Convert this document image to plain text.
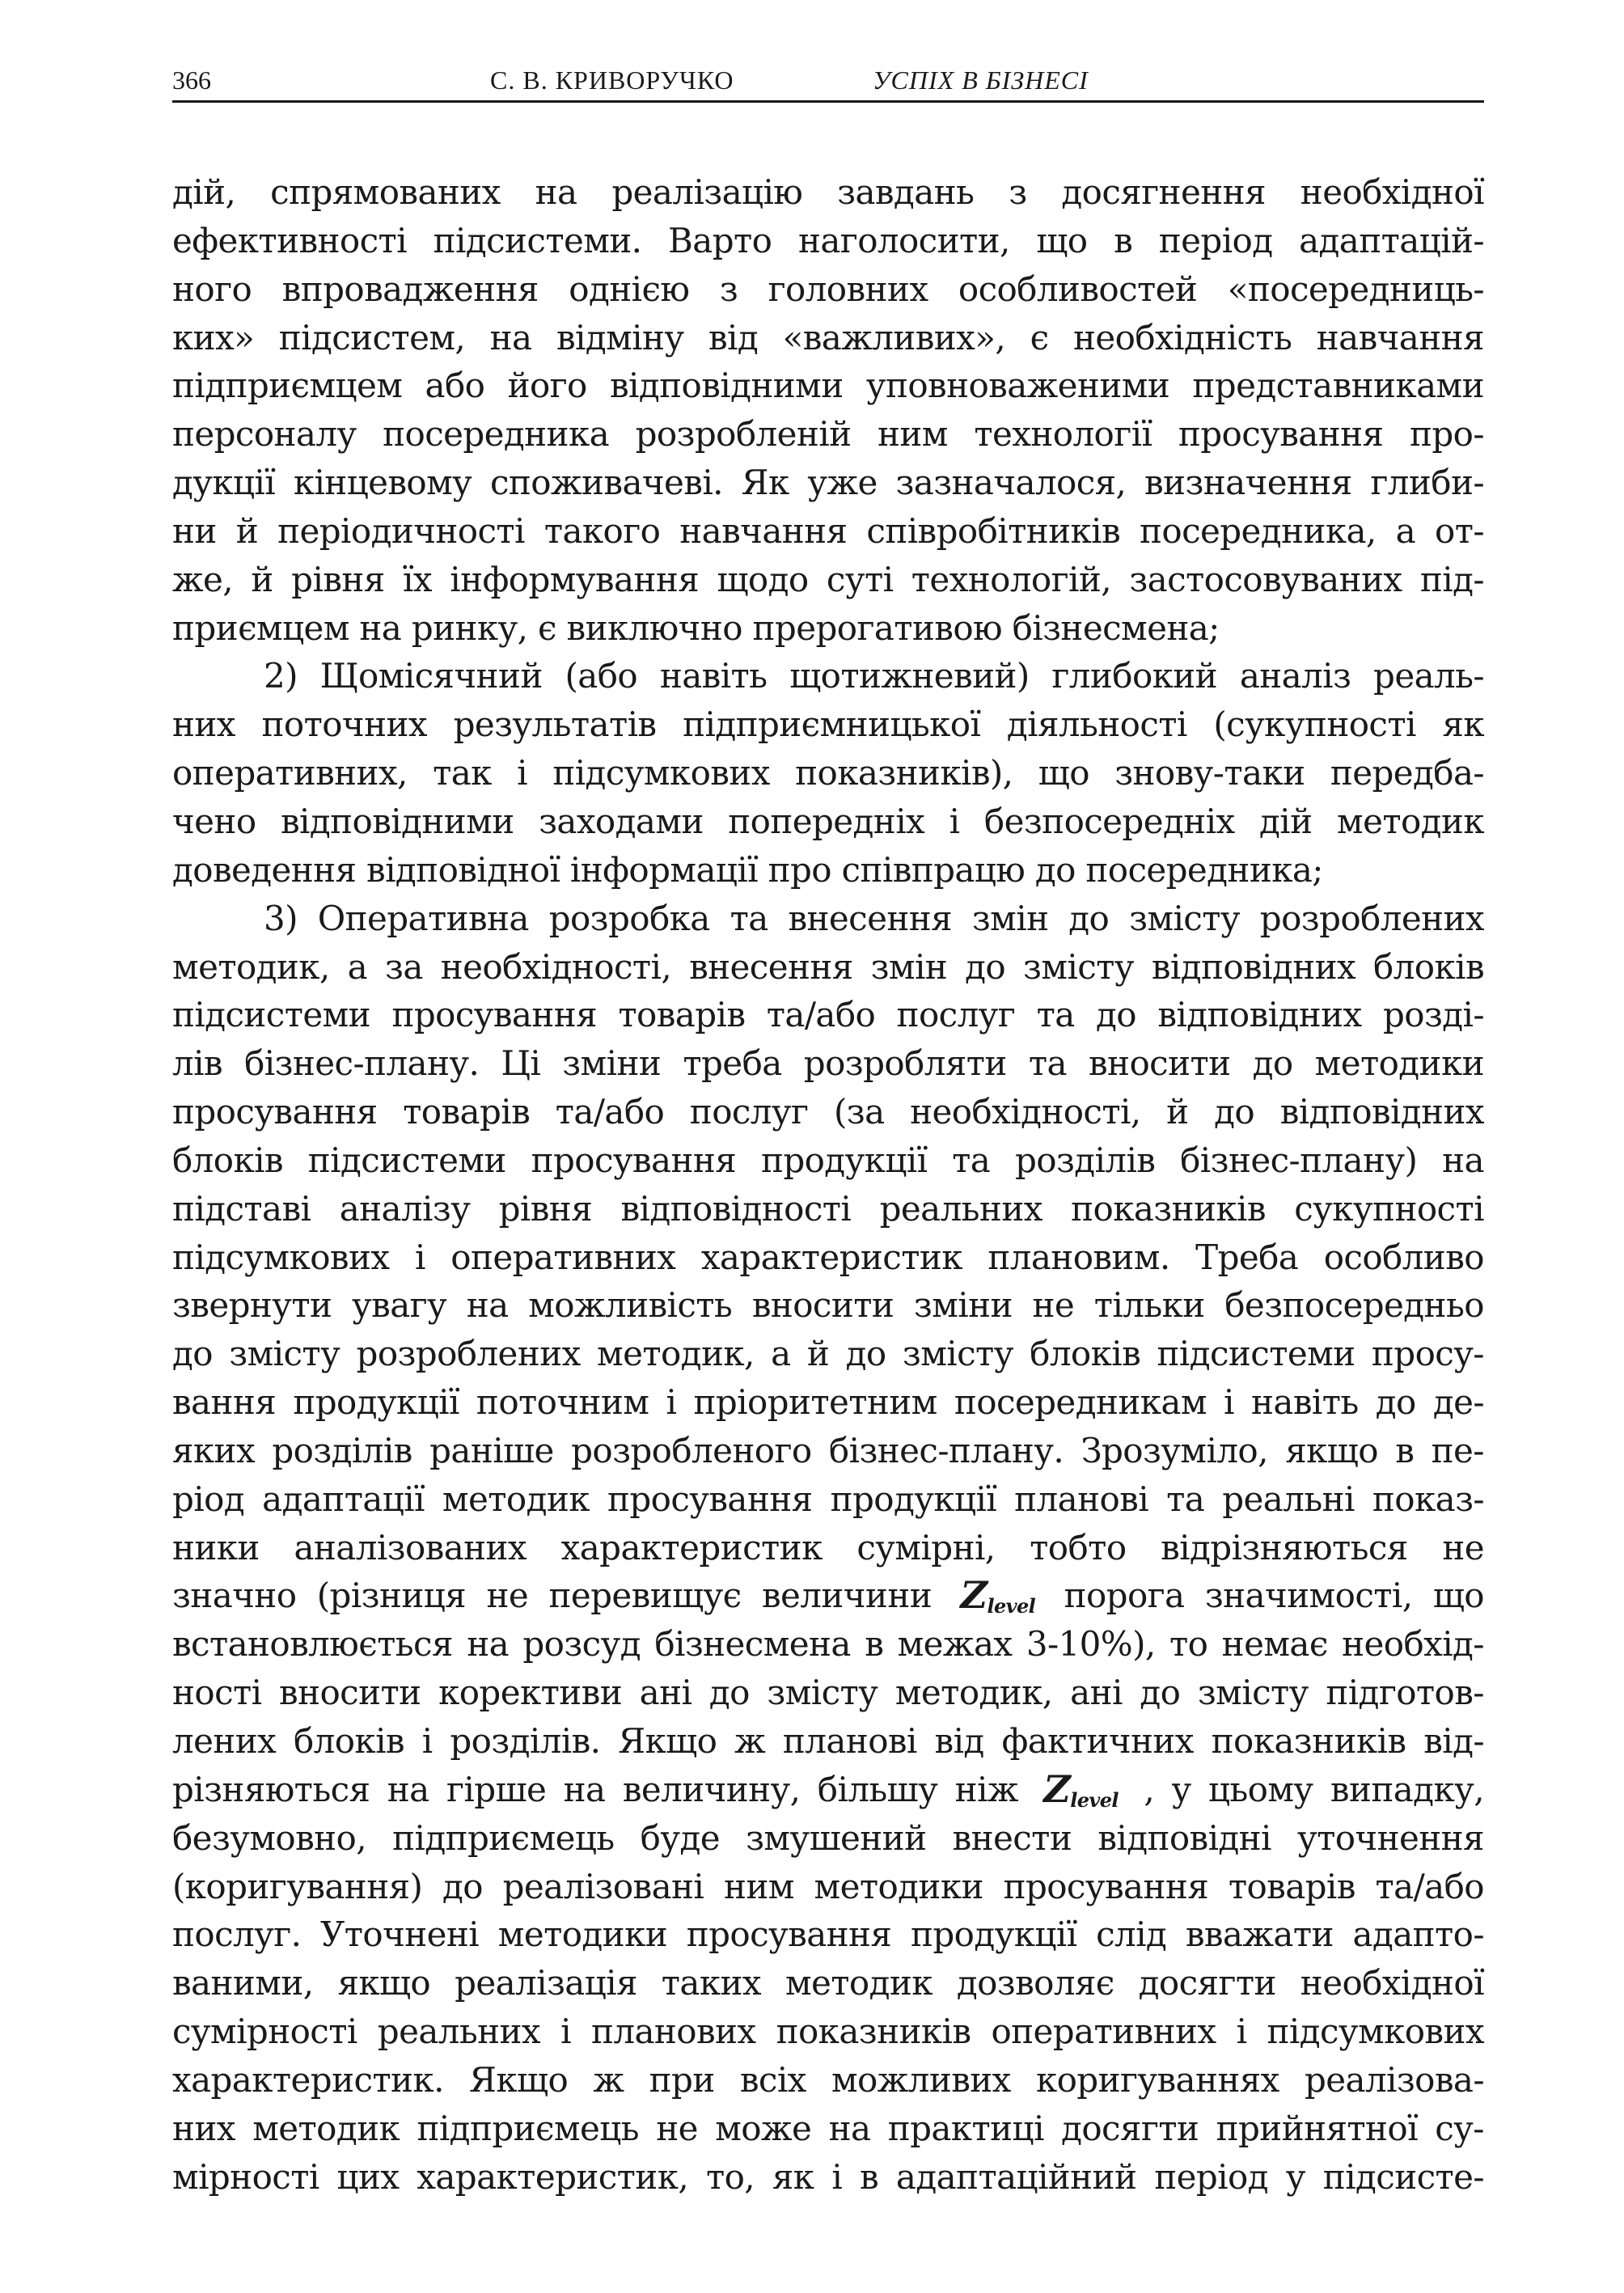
366	С. В. КРИВОРУЧКО	УСПІХ В БІЗНЕСІ
дій, спрямованих на реалізацію завдань з досягнення необхідної
ефективності підсистеми. Варто наголосити, що в період адаптацій-
ного впровадження однією з головних особливостей «посередниць-
ких» підсистем, на відміну від «важливих», є необхідність навчання
підприємцем або його відповідними уповноваженими представниками
персоналу посередника розробленій ним технології просування про-
дукції кінцевому споживачеві. Як уже зазначалося, визначення глиби-
ни й періодичності такого навчання співробітників посередника, а от-
же, й рівня їх інформування щодо суті технологій, застосовуваних під-
приємцем на ринку, є виключно прерогативою бізнесмена;
2) Щомісячний (або навіть щотижневий) глибокий аналіз реаль-
них поточних результатів підприємницької діяльності (сукупності як
оперативних, так і підсумкових показників), що знову-таки передба-
чено відповідними заходами попередніх і безпосередніх дій методик
доведення відповідної інформації про співпрацю до посередника;
3) Оперативна розробка та внесення змін до змісту розроблених
методик, а за необхідності, внесення змін до змісту відповідних блоків
підсистеми просування товарів та/або послуг та до відповідних розді-
лів бізнес-плану. Ці зміни треба розробляти та вносити до методики
просування товарів та/або послуг (за необхідності, й до відповідних
блоків підсистеми просування продукції та розділів бізнес-плану) на
підставі аналізу рівня відповідності реальних показників сукупності
підсумкових і оперативних характеристик плановим. Треба особливо
звернути увагу на можливість вносити зміни не тільки безпосередньо
до змісту розроблених методик, а й до змісту блоків підсистеми просу-
вання продукції поточним і пріоритетним посередникам і навіть до де-
яких розділів раніше розробленого бізнес-плану. Зрозуміло, якщо в пе-
ріод адаптації методик просування продукції планові та реальні показ-
ники аналізованих характеристик сумірні, тобто відрізняються не
значно (різниця не перевищує величини $Z_{level}$ порога значимості, що
встановлюється на розсуд бізнесмена в межах 3-10%), то немає необхід-
ності вносити корективи ані до змісту методик, ані до змісту підготов-
лених блоків і розділів. Якщо ж планові від фактичних показників від-
різняються на гірше на величину, більшу ніж $Z_{level}$ , у цьому випадку,
безумовно, підприємець буде змушений внести відповідні уточнення
(коригування) до реалізовані ним методики просування товарів та/або
послуг. Уточнені методики просування продукції слід вважати адапто-
ваними, якщо реалізація таких методик дозволяє досягти необхідної
сумірності реальних і планових показників оперативних і підсумкових
характеристик. Якщо ж при всіх можливих коригуваннях реалізова-
них методик підприємець не може на практиці досягти прийнятної су-
мірності цих характеристик, то, як і в адаптаційний період у підсисте-
